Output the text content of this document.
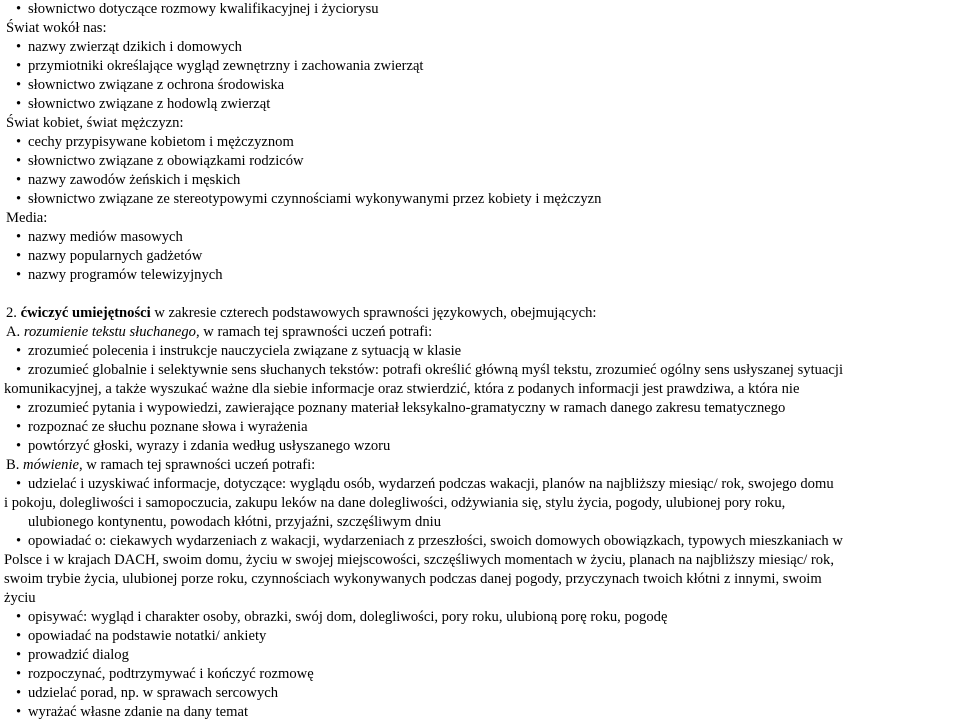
• słownictwo dotyczące rozmowy kwalifikacyjnej i życiorysu
Świat wokół nas:
• nazwy zwierząt dzikich i domowych
• przymiotniki określające wygląd zewnętrzny i zachowania zwierząt
• słownictwo związane z ochrona środowiska
• słownictwo związane z hodowlą zwierząt
Świat kobiet, świat mężczyzn:
• cechy przypisywane kobietom i mężczyznom
• słownictwo związane z obowiązkami rodziców
• nazwy zawodów żeńskich i męskich
• słownictwo związane ze stereotypowymi czynnościami wykonywanymi przez kobiety i mężczyzn
Media:
• nazwy mediów masowych
• nazwy popularnych gadżetów
• nazwy programów telewizyjnych
2. ćwiczyć umiejętności w zakresie czterech podstawowych sprawności językowych, obejmujących:
A. rozumienie tekstu słuchanego, w ramach tej sprawności uczeń potrafi:
• zrozumieć polecenia i instrukcje nauczyciela związane z sytuacją w klasie
• zrozumieć globalnie i selektywnie sens słuchanych tekstów: potrafi określić główną myśl tekstu, zrozumieć ogólny sens usłyszanej sytuacji
komunikacyjnej, a także wyszukać ważne dla siebie informacje oraz stwierdzić, która z podanych informacji jest prawdziwa, a która nie
• zrozumieć pytania i wypowiedzi, zawierające poznany materiał leksykalno-gramatyczny w ramach danego zakresu tematycznego
• rozpoznać ze słuchu poznane słowa i wyrażenia
• powtórzyć głoski, wyrazy i zdania według usłyszanego wzoru
B. mówienie, w ramach tej sprawności uczeń potrafi:
• udzielać i uzyskiwać informacje, dotyczące: wyglądu osób, wydarzeń podczas wakacji, planów na najbliższy miesiąc/ rok, swojego domu
i pokoju, dolegliwości i samopoczucia, zakupu leków na dane dolegliwości, odżywiania się, stylu życia, pogody, ulubionej pory roku,
ulubionego kontynentu, powodach kłótni, przyjaźni, szczęśliwym dniu
• opowiadać o: ciekawych wydarzeniach z wakacji, wydarzeniach z przeszłości, swoich domowych obowiązkach, typowych mieszkaniach w
Polsce i w krajach DACH, swoim domu, życiu w swojej miejscowości, szczęśliwych momentach w życiu, planach na najbliższy miesiąc/ rok,
swoim trybie życia, ulubionej porze roku, czynnościach wykonywanych podczas danej pogody, przyczynach twoich kłótni z innymi, swoim
życiu
• opisywać: wygląd i charakter osoby, obrazki, swój dom, dolegliwości, pory roku, ulubioną porę roku, pogodę
• opowiadać na podstawie notatki/ ankiety
• prowadzić dialog
• rozpoczynać, podtrzymywać i kończyć rozmowę
• udzielać porad, np. w sprawach sercowych
• wyrażać własne zdanie na dany temat
